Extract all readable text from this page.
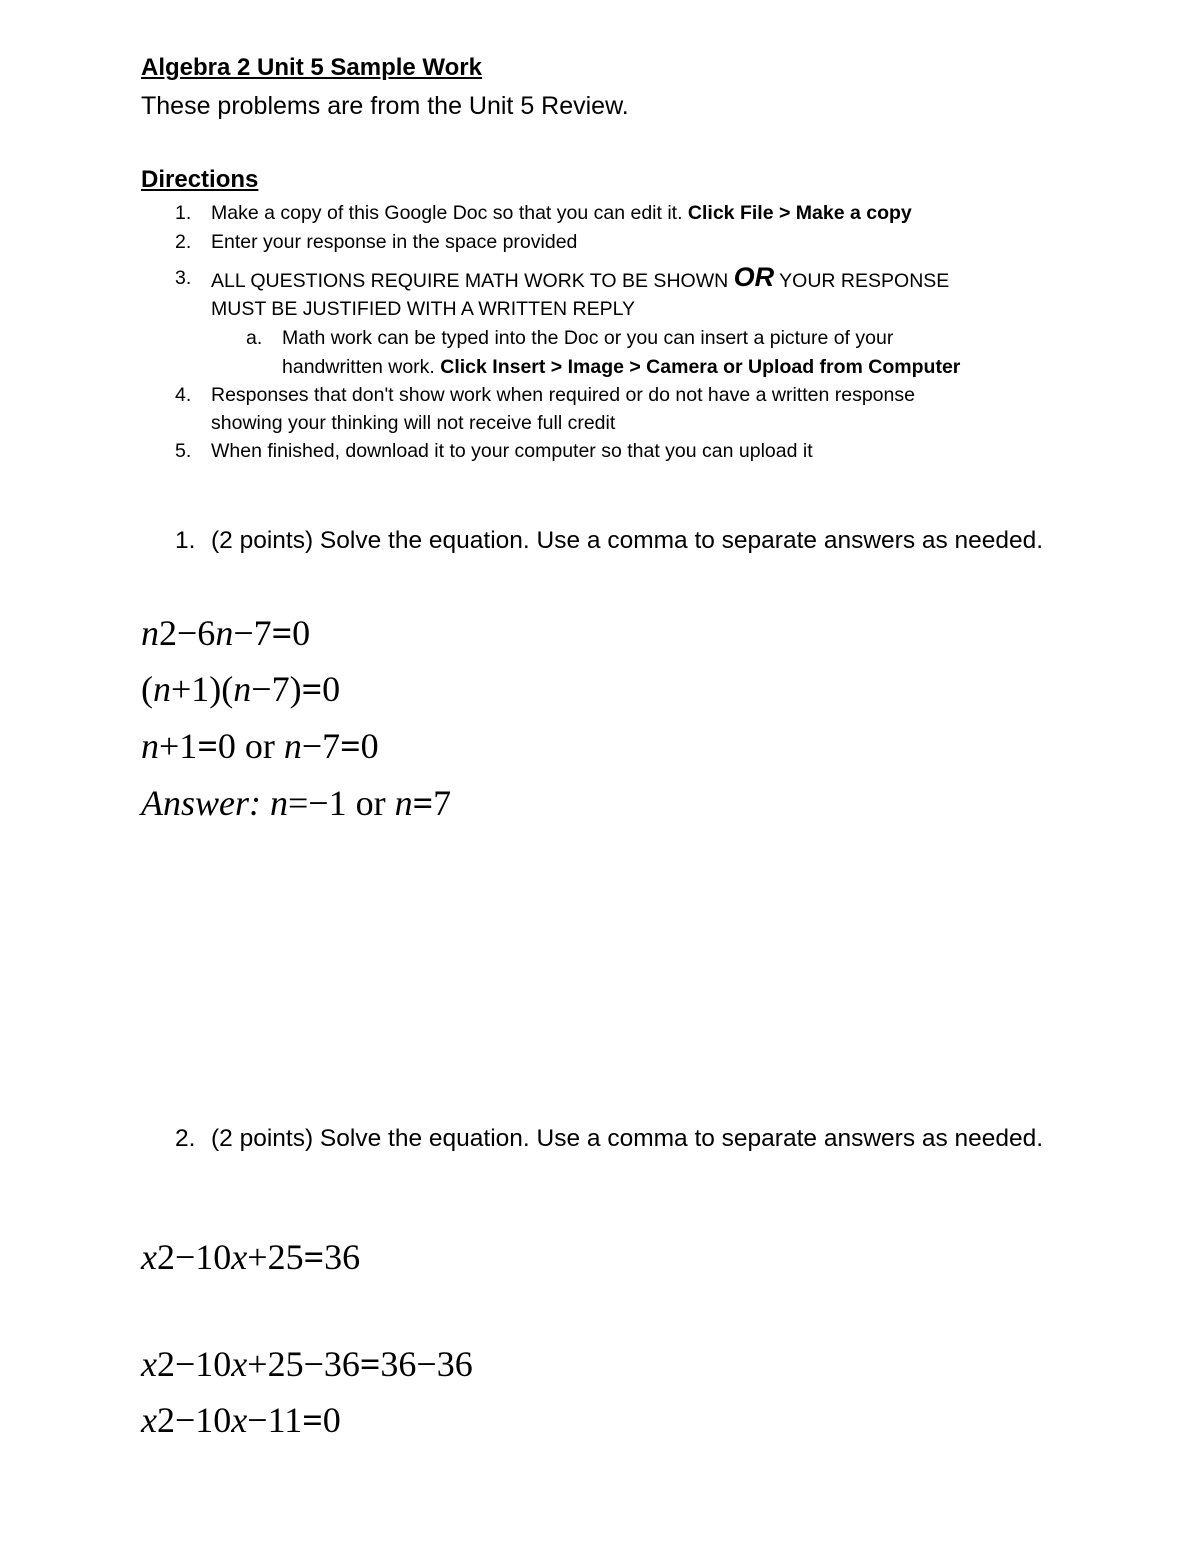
Algebra 2 Unit 5 Sample Work
These problems are from the Unit 5 Review.
Directions
1. Make a copy of this Google Doc so that you can edit it. Click File > Make a copy
2. Enter your response in the space provided
3. ALL QUESTIONS REQUIRE MATH WORK TO BE SHOWN OR YOUR RESPONSE
MUST BE JUSTIFIED WITH A WRITTEN REPLY
a. Math work can be typed into the Doc or you can insert a picture of your
handwritten work. Click Insert > Image > Camera or Upload from Computer
4. Responses that don't show work when required or do not have a written response
showing your thinking will not receive full credit
5. When finished, download it to your computer so that you can upload it
1. (2 points) Solve the equation. Use a comma to separate answers as needed.
n2−6n−7=0
(n+1)(n−7)=0
n+1=0 or n−7=0
Answer: n=−1 or n=7
2. (2 points) Solve the equation. Use a comma to separate answers as needed.
x2−10x+25=36
x2−10x+25−36=36−36
x2−10x−11=0
